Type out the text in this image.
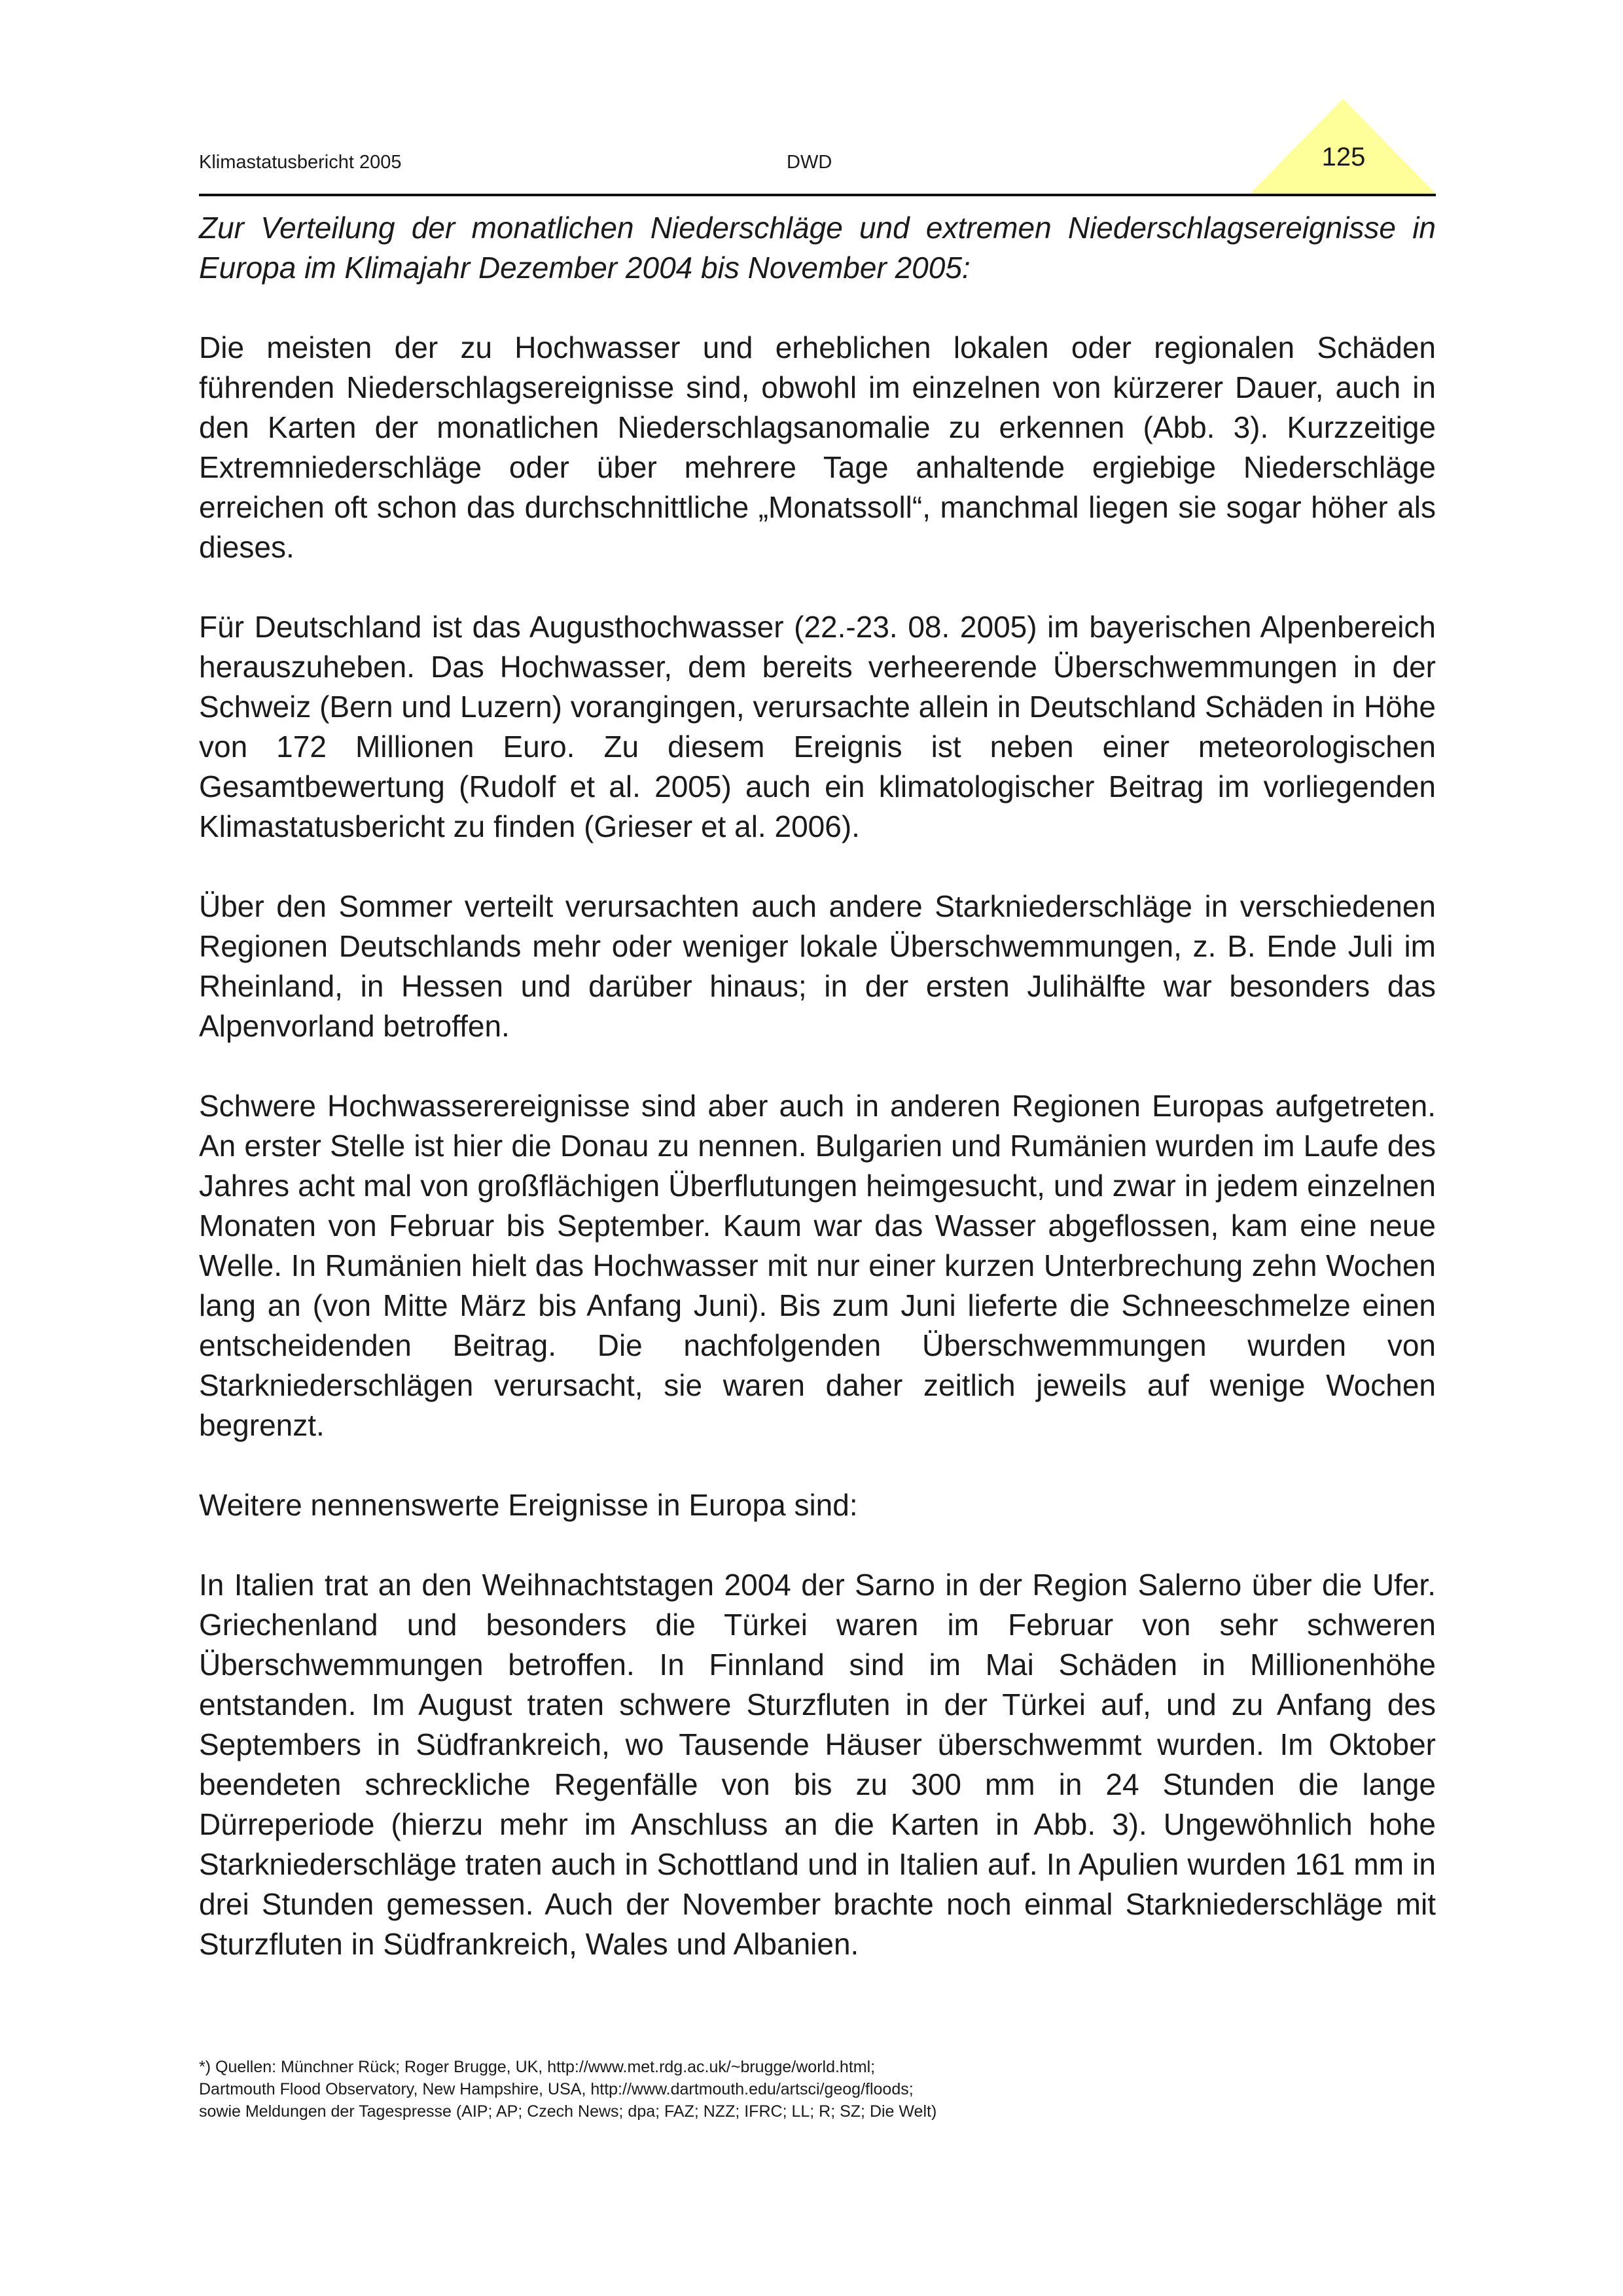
Klimastatusbericht 2005	DWD	125

Zur Verteilung der monatlichen Niederschläge und extremen Niederschlagsereignisse in Europa im Klimajahr Dezember 2004 bis November 2005:

Die meisten der zu Hochwasser und erheblichen lokalen oder regionalen Schäden führenden Niederschlagsereignisse sind, obwohl im einzelnen von kürzerer Dauer, auch in den Karten der monatlichen Niederschlagsanomalie zu erkennen (Abb. 3). Kurzzeitige Extremniederschläge oder über mehrere Tage anhaltende ergiebige Niederschläge erreichen oft schon das durchschnittliche „Monatssoll“, manchmal liegen sie sogar höher als dieses.

Für Deutschland ist das Augusthochwasser (22.-23. 08. 2005) im bayerischen Alpenbereich herauszuheben. Das Hochwasser, dem bereits verheerende Überschwemmungen in der Schweiz (Bern und Luzern) vorangingen, verursachte allein in Deutschland Schäden in Höhe von 172 Millionen Euro. Zu diesem Ereignis ist neben einer meteorologischen Gesamtbewertung (Rudolf et al. 2005) auch ein klimatologischer Beitrag im vorliegenden Klimastatusbericht zu finden (Grieser et al. 2006).

Über den Sommer verteilt verursachten auch andere Starkniederschläge in verschiedenen Regionen Deutschlands mehr oder weniger lokale Überschwemmungen, z. B. Ende Juli im Rheinland, in Hessen und darüber hinaus; in der ersten Julihälfte war besonders das Alpenvorland betroffen.

Schwere Hochwasserereignisse sind aber auch in anderen Regionen Europas aufgetreten. An erster Stelle ist hier die Donau zu nennen. Bulgarien und Rumänien wurden im Laufe des Jahres acht mal von großflächigen Überflutungen heimgesucht, und zwar in jedem einzelnen Monaten von Februar bis September. Kaum war das Wasser abgeflossen, kam eine neue Welle. In Rumänien hielt das Hochwasser mit nur einer kurzen Unterbrechung zehn Wochen lang an (von Mitte März bis Anfang Juni). Bis zum Juni lieferte die Schneeschmelze einen entscheidenden Beitrag. Die nachfolgenden Überschwemmungen wurden von Starkniederschlägen verursacht, sie waren daher zeitlich jeweils auf wenige Wochen begrenzt.

Weitere nennenswerte Ereignisse in Europa sind:

In Italien trat an den Weihnachtstagen 2004 der Sarno in der Region Salerno über die Ufer. Griechenland und besonders die Türkei waren im Februar von sehr schweren Überschwemmungen betroffen. In Finnland sind im Mai Schäden in Millionenhöhe entstanden. Im August traten schwere Sturzfluten in der Türkei auf, und zu Anfang des Septembers in Südfrankreich, wo Tausende Häuser überschwemmt wurden. Im Oktober beendeten schreckliche Regenfälle von bis zu 300 mm in 24 Stunden die lange Dürreperiode (hierzu mehr im Anschluss an die Karten in Abb. 3). Ungewöhnlich hohe Starkniederschläge traten auch in Schottland und in Italien auf. In Apulien wurden 161 mm in drei Stunden gemessen. Auch der November brachte noch einmal Starkniederschläge mit Sturzfluten in Südfrankreich, Wales und Albanien.

*) Quellen: Münchner Rück; Roger Brugge, UK, http://www.met.rdg.ac.uk/~brugge/world.html;
Dartmouth Flood Observatory, New Hampshire, USA, http://www.dartmouth.edu/artsci/geog/floods;
sowie Meldungen der Tagespresse (AIP; AP; Czech News; dpa; FAZ; NZZ; IFRC; LL; R; SZ; Die Welt)
